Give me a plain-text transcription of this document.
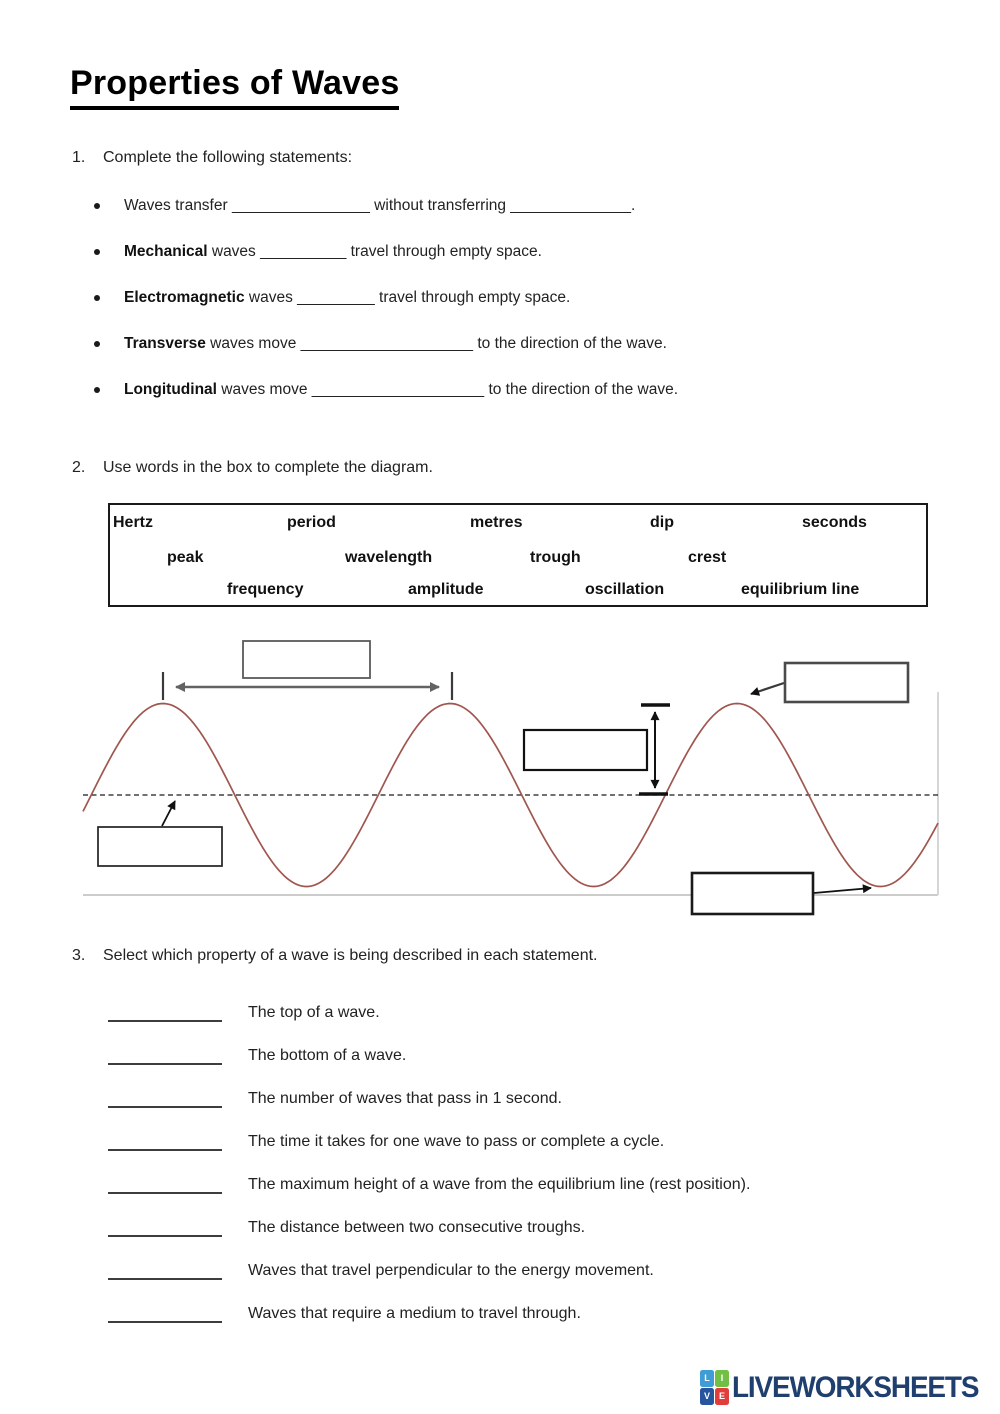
Properties of Waves
1.	Complete the following statements:
Waves transfer ________________ without transferring ______________.
Mechanical waves __________ travel through empty space.
Electromagnetic waves _________ travel through empty space.
Transverse waves move ____________________ to the direction of the wave.
Longitudinal waves move ____________________ to the direction of the wave.
2.	Use words in the box to complete the diagram.
Hertz	period	metres	dip	seconds
peak	wavelength	trough	crest
frequency	amplitude	oscillation	equilibrium line
3.	Select which property of a wave is being described in each statement.
The top of a wave.
The bottom of a wave.
The number of waves that pass in 1 second.
The time it takes for one wave to pass or complete a cycle.
The maximum height of a wave from the equilibrium line (rest position).
The distance between two consecutive troughs.
Waves that travel perpendicular to the energy movement.
Waves that require a medium to travel through.
L	I
V E LIVEWORKSHEETS
